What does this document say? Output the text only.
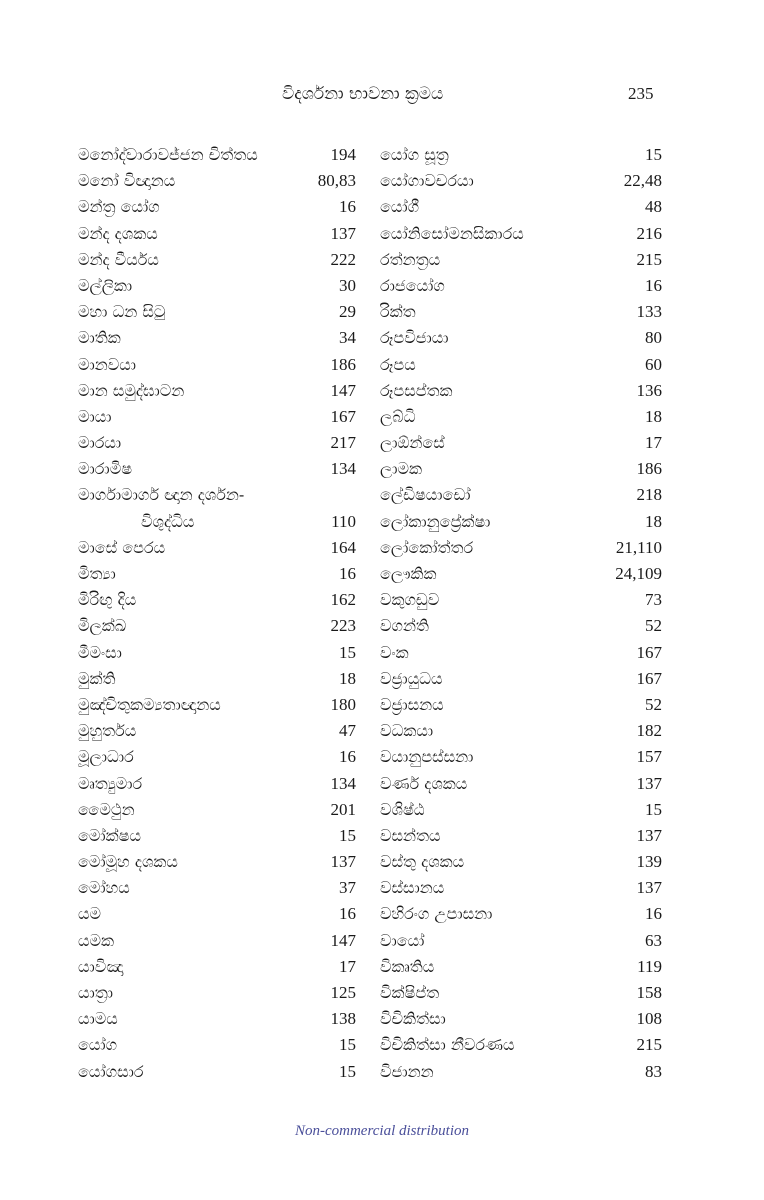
විදර්ශනා භාවනා ක්‍රමය	235
මනෝද්වාරාවජ්ජන චිත්තය	194
මනෝ විඥානය	80,83
මන්ත්‍ර යෝග	16
මන්ද දශකය	137
මන්ද වීර්යය	222
මල්ලිකා	30
මහා ධන සිටු	29
මාතික	34
මානවයා	186
මාන සමුද්ඝාටන	147
මායා	167
මාරයා	217
මාරාමිෂ	134
මාර්ගාමාර්ග ඥාන දර්ශන-
විශුද්ධිය	110
මාසේ පෙරය	164
මිත්‍යා	16
මිරිඟු දිය	162
මිලක්ඛ	223
මීමංසා	15
මුක්ති	18
මුඤ්චිතුකම්‍යතාඥානය	180
මුහුර්තය	47
මූලාධාර	16
මෘත්‍යුමාර	134
මෛථුන	201
මෝක්ෂය	15
මෝමූහ දශකය	137
මෝහය	37
යම	16
යමක	147
යාවිඤා	17
යාත්‍රා	125
යාමය	138
යෝග	15
යෝගසාර	15
යෝග සූත්‍ර	15
යෝගාවචරයා	22,48
යෝගී	48
යෝනිසෝමනසිකාරය	216
රත්නත්‍රය	215
රාජයෝග	16
රික්ත	133
රූපවිජායා	80
රූපය	60
රූපසප්තක	136
ලබ්ධි	18
ලාඕන්සේ	17
ලාමක	186
ලේඩිෂයාඩෝ	218
ලෝකානුප්‍රේක්ෂා	18
ලෝකෝත්තර	21,110
ලෞකික	24,109
වකුගඩුව	73
වගන්ති	52
වංක	167
වජ්‍රායුධය	167
වජ්‍රාසනය	52
වධකයා	182
වයානුපස්සනා	157
වර්ණ දශකය	137
වශිෂ්ඨ	15
වසන්තය	137
වස්තු දශකය	139
වස්සානය	137
වහිරංග උපාසනා	16
වායෝ	63
විකෘතිය	119
වික්ෂිප්ත	158
විචිකිත්සා	108
විචිකිත්සා නීවරණය	215
විජානන	83
Non-commercial distribution
